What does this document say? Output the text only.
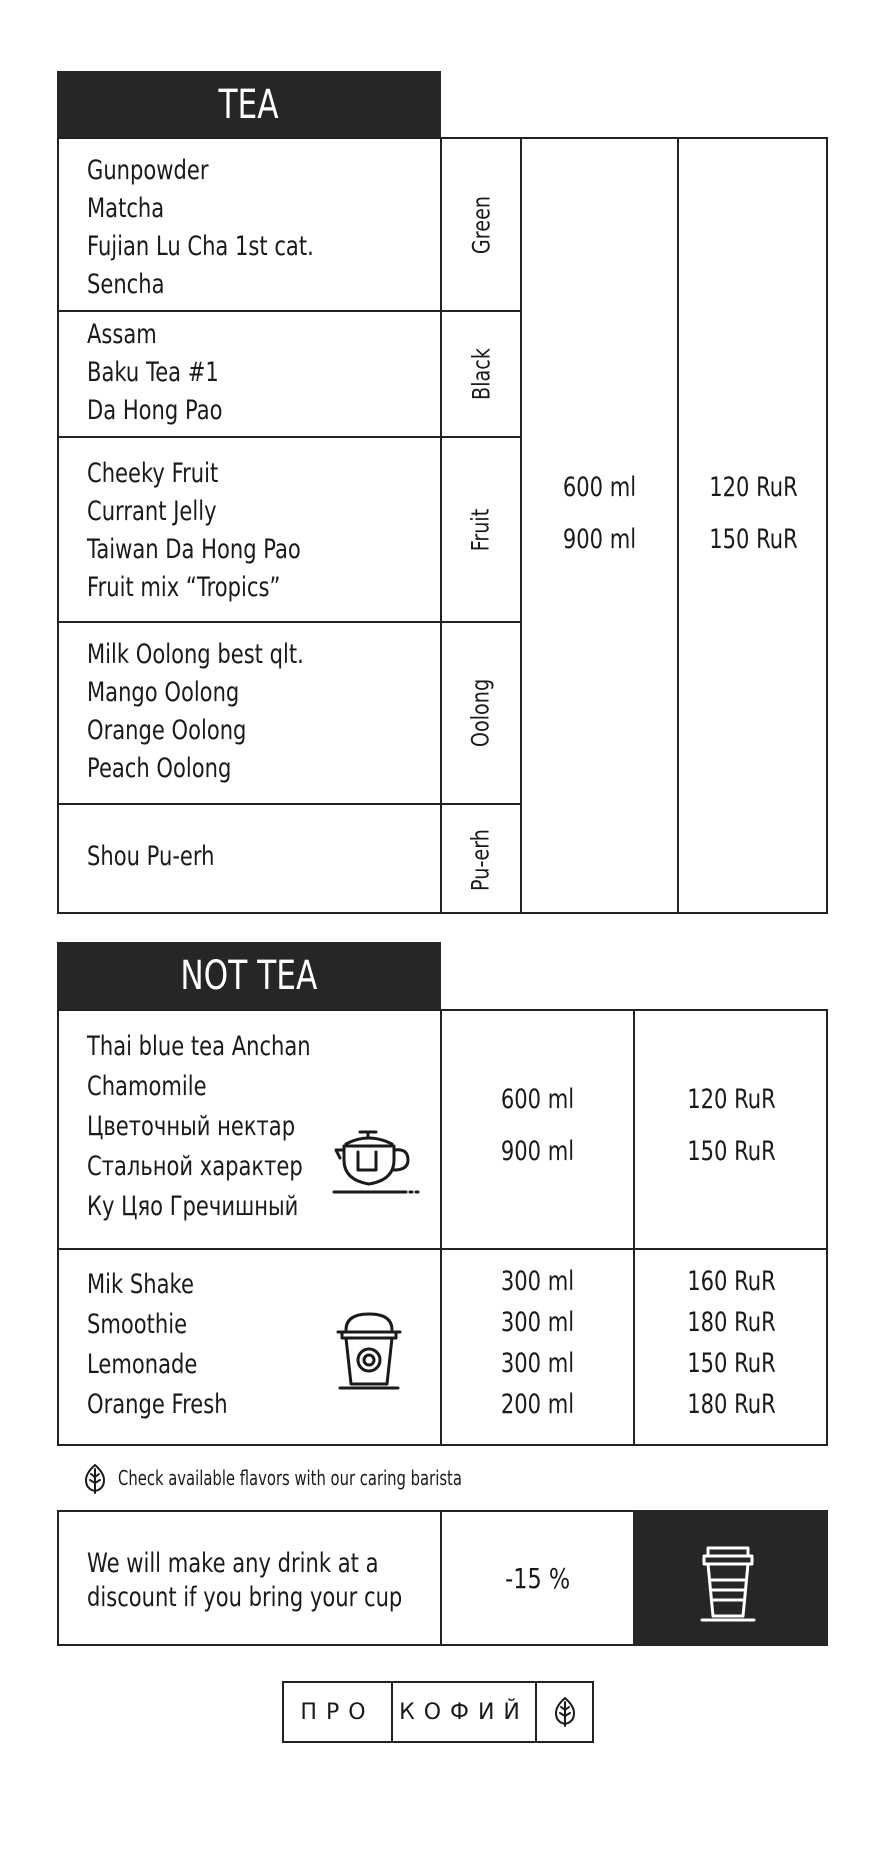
TEA
Gunpowder
Matcha
Fujian Lu Cha 1st cat.
Sencha
Green
Assam
Baku Tea #1
Da Hong Pao
Black
Cheeky Fruit
Currant Jelly
Taiwan Da Hong Pao
Fruit mix “Tropics”
Fruit
Milk Oolong best qlt.
Mango Oolong
Orange Oolong
Peach Oolong
Oolong
Shou Pu-erh	Pu-erh
600 ml
900 ml
120 RuR
150 RuR
NOT TEA
Thai blue tea Anchan
Chamomile
Цветочный нектар
Стальной характер
Ку Цяо Гречишный
600 ml
900 ml
120 RuR
150 RuR
Mik Shake
Smoothie
Lemonade
Orange Fresh
300 ml
300 ml
300 ml
200 ml
160 RuR
180 RuR
150 RuR
180 RuR
Check available flavors with our caring barista
We will make any drink at a
discount if you bring your cup
-15 %
ПРО КОФИЙ
